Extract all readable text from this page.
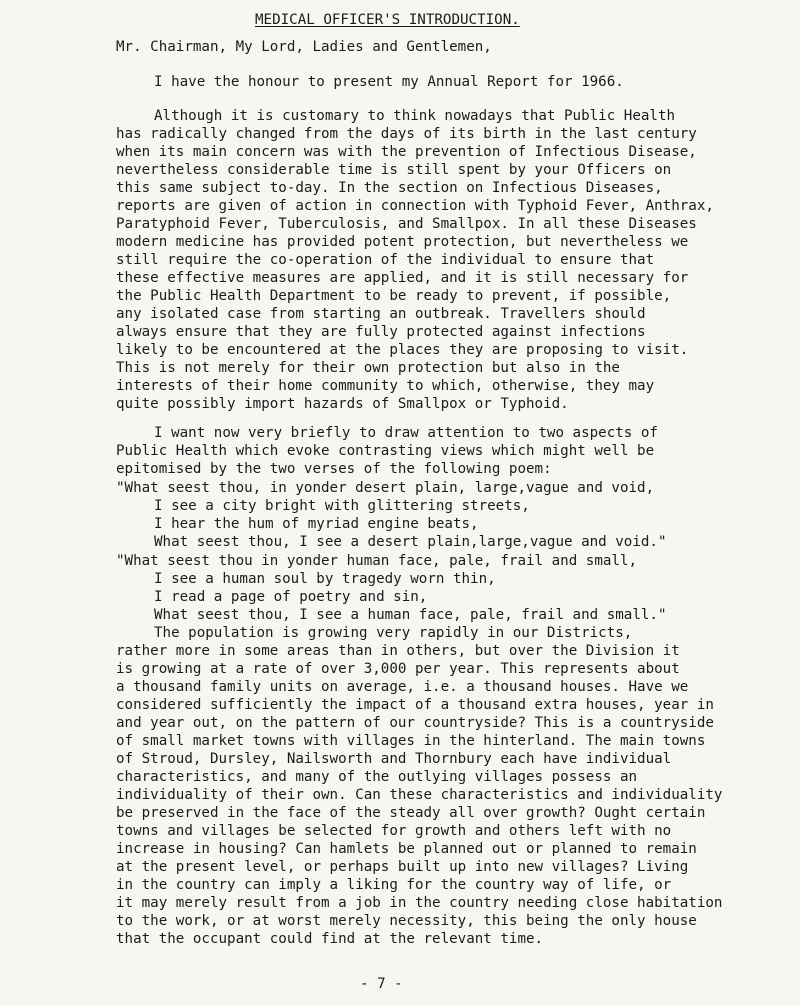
MEDICAL OFFICER'S INTRODUCTION.
Mr. Chairman, My Lord, Ladies and Gentlemen,
I have the honour to present my Annual Report for 1966.
Although it is customary to think nowadays that Public Health
has radically changed from the days of its birth in the last century
when its main concern was with the prevention of Infectious Disease,
nevertheless considerable time is still spent by your Officers on
this same subject to-day. In the section on Infectious Diseases,
reports are given of action in connection with Typhoid Fever, Anthrax,
Paratyphoid Fever, Tuberculosis, and Smallpox. In all these Diseases
modern medicine has provided potent protection, but nevertheless we
still require the co-operation of the individual to ensure that
these effective measures are applied, and it is still necessary for
the Public Health Department to be ready to prevent, if possible,
any isolated case from starting an outbreak. Travellers should
always ensure that they are fully protected against infections
likely to be encountered at the places they are proposing to visit.
This is not merely for their own protection but also in the
interests of their home community to which, otherwise, they may
quite possibly import hazards of Smallpox or Typhoid.
I want now very briefly to draw attention to two aspects of
Public Health which evoke contrasting views which might well be
epitomised by the two verses of the following poem:
"What seest thou, in yonder desert plain, large,vague and void,
I see a city bright with glittering streets,
I hear the hum of myriad engine beats,
What seest thou, I see a desert plain,large,vague and void."
"What seest thou in yonder human face, pale, frail and small,
I see a human soul by tragedy worn thin,
I read a page of poetry and sin,
What seest thou, I see a human face, pale, frail and small."
The population is growing very rapidly in our Districts,
rather more in some areas than in others, but over the Division it
is growing at a rate of over 3,000 per year. This represents about
a thousand family units on average, i.e. a thousand houses. Have we
considered sufficiently the impact of a thousand extra houses, year in
and year out, on the pattern of our countryside? This is a countryside
of small market towns with villages in the hinterland. The main towns
of Stroud, Dursley, Nailsworth and Thornbury each have individual
characteristics, and many of the outlying villages possess an
individuality of their own. Can these characteristics and individuality
be preserved in the face of the steady all over growth? Ought certain
towns and villages be selected for growth and others left with no
increase in housing? Can hamlets be planned out or planned to remain
at the present level, or perhaps built up into new villages? Living
in the country can imply a liking for the country way of life, or
it may merely result from a job in the country needing close habitation
to the work, or at worst merely necessity, this being the only house
that the occupant could find at the relevant time.
- 7 -
